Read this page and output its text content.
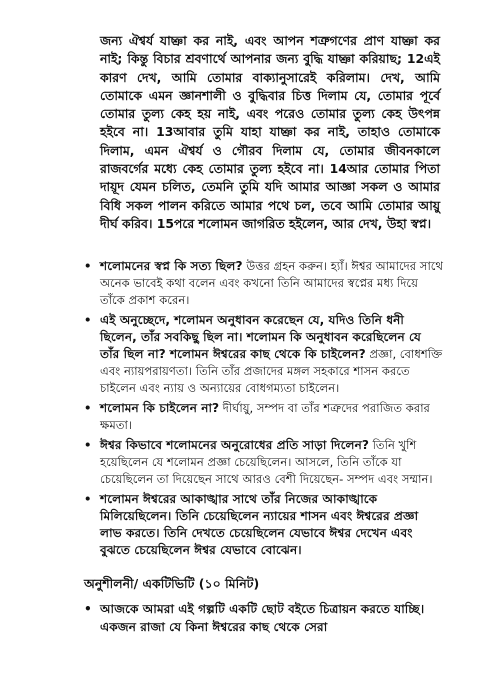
জন্য ঐশ্বর্য যাচ্ঞা কর নাই, এবং আপন শত্রুগণের প্রাণ যাচ্ঞা কর নাই; কিন্তু বিচার শ্রবণার্থে আপনার জন্য বুদ্ধি যাচ্ঞা করিয়াছ; 12এই কারণ দেখ, আমি তোমার বাক্যানুসারেই করিলাম। দেখ, আমি তোমাকে এমন জ্ঞানশালী ও বুদ্ধিবার চিত্ত দিলাম যে, তোমার পূর্বে তোমার তুল্য কেহ হয় নাই, এবং পরেও তোমার তুল্য কেহ উৎপন্ন হইবে না। 13আবার তুমি যাহা যাচ্ঞা কর নাই, তাহাও তোমাকে দিলাম, এমন ঐশ্বর্য ও গৌরব দিলাম যে, তোমার জীবনকালে রাজবর্গের মধ্যে কেহ তোমার তুল্য হইবে না। 14আর তোমার পিতা দায়ূদ যেমন চলিত, তেমনি তুমি যদি আমার আজ্ঞা সকল ও আমার বিধি সকল পালন করিতে আমার পথে চল, তবে আমি তোমার আয়ু দীর্ঘ করিব। 15পরে শলোমন জাগরিত হইলেন, আর দেখ, উহা স্বপ্ন।

• শলোমনের স্বপ্ন কি সত্য ছিল? উত্তর গ্রহন করুন। হ্যাঁ। ঈশ্বর আমাদের সাথে অনেক ভাবেই কথা বলেন এবং কখনো তিনি আমাদের স্বপ্নের মধ্য দিয়ে তাঁকে প্রকাশ করেন।
• এই অনুচ্ছেদে, শলোমন অনুধাবন করেছেন যে, যদিও তিনি ধনী ছিলেন, তাঁর সবকিছু ছিল না। শলোমন কি অনুধাবন করেছিলেন যে তাঁর ছিল না? শলোমন ঈশ্বরের কাছ থেকে কি চাইলেন? প্রজ্ঞা, বোধশক্তি এবং ন্যায়পরায়ণতা। তিনি তাঁর প্রজাদের মঙ্গল সহকারে শাসন করতে চাইলেন এবং ন্যায় ও অন্যায়ের বোধগম্যতা চাইলেন।
• শলোমন কি চাইলেন না? দীর্ঘায়ু, সম্পদ বা তাঁর শত্রুদের পরাজিত করার ক্ষমতা।
• ঈশ্বর কিভাবে শলোমনের অনুরোধের প্রতি সাড়া দিলেন? তিনি খুশি হয়েছিলেন যে শলোমন প্রজ্ঞা চেয়েছিলেন। আসলে, তিনি তাঁকে যা চেয়েছিলেন তা দিয়েছেন সাথে আরও বেশী দিয়েছেন- সম্পদ এবং সম্মান।
• শলোমন ঈশ্বরের আকাঙ্খার সাথে তাঁর নিজের আকাঙ্খাকে মিলিয়েছিলেন। তিনি চেয়েছিলেন ন্যায়ের শাসন এবং ঈশ্বরের প্রজ্ঞা লাভ করতে। তিনি দেখতে চেয়েছিলেন যেভাবে ঈশ্বর দেখেন এবং বুঝতে চেয়েছিলেন ঈশ্বর যেভাবে বোঝেন।
অনুশীলনী/ একটিভিটি (১০ মিনিট)
• আজকে আমরা এই গল্পটি একটি ছোট বইতে চিত্রায়ন করতে যাচ্ছি। একজন রাজা যে কিনা ঈশ্বরের কাছ থেকে সেরা
